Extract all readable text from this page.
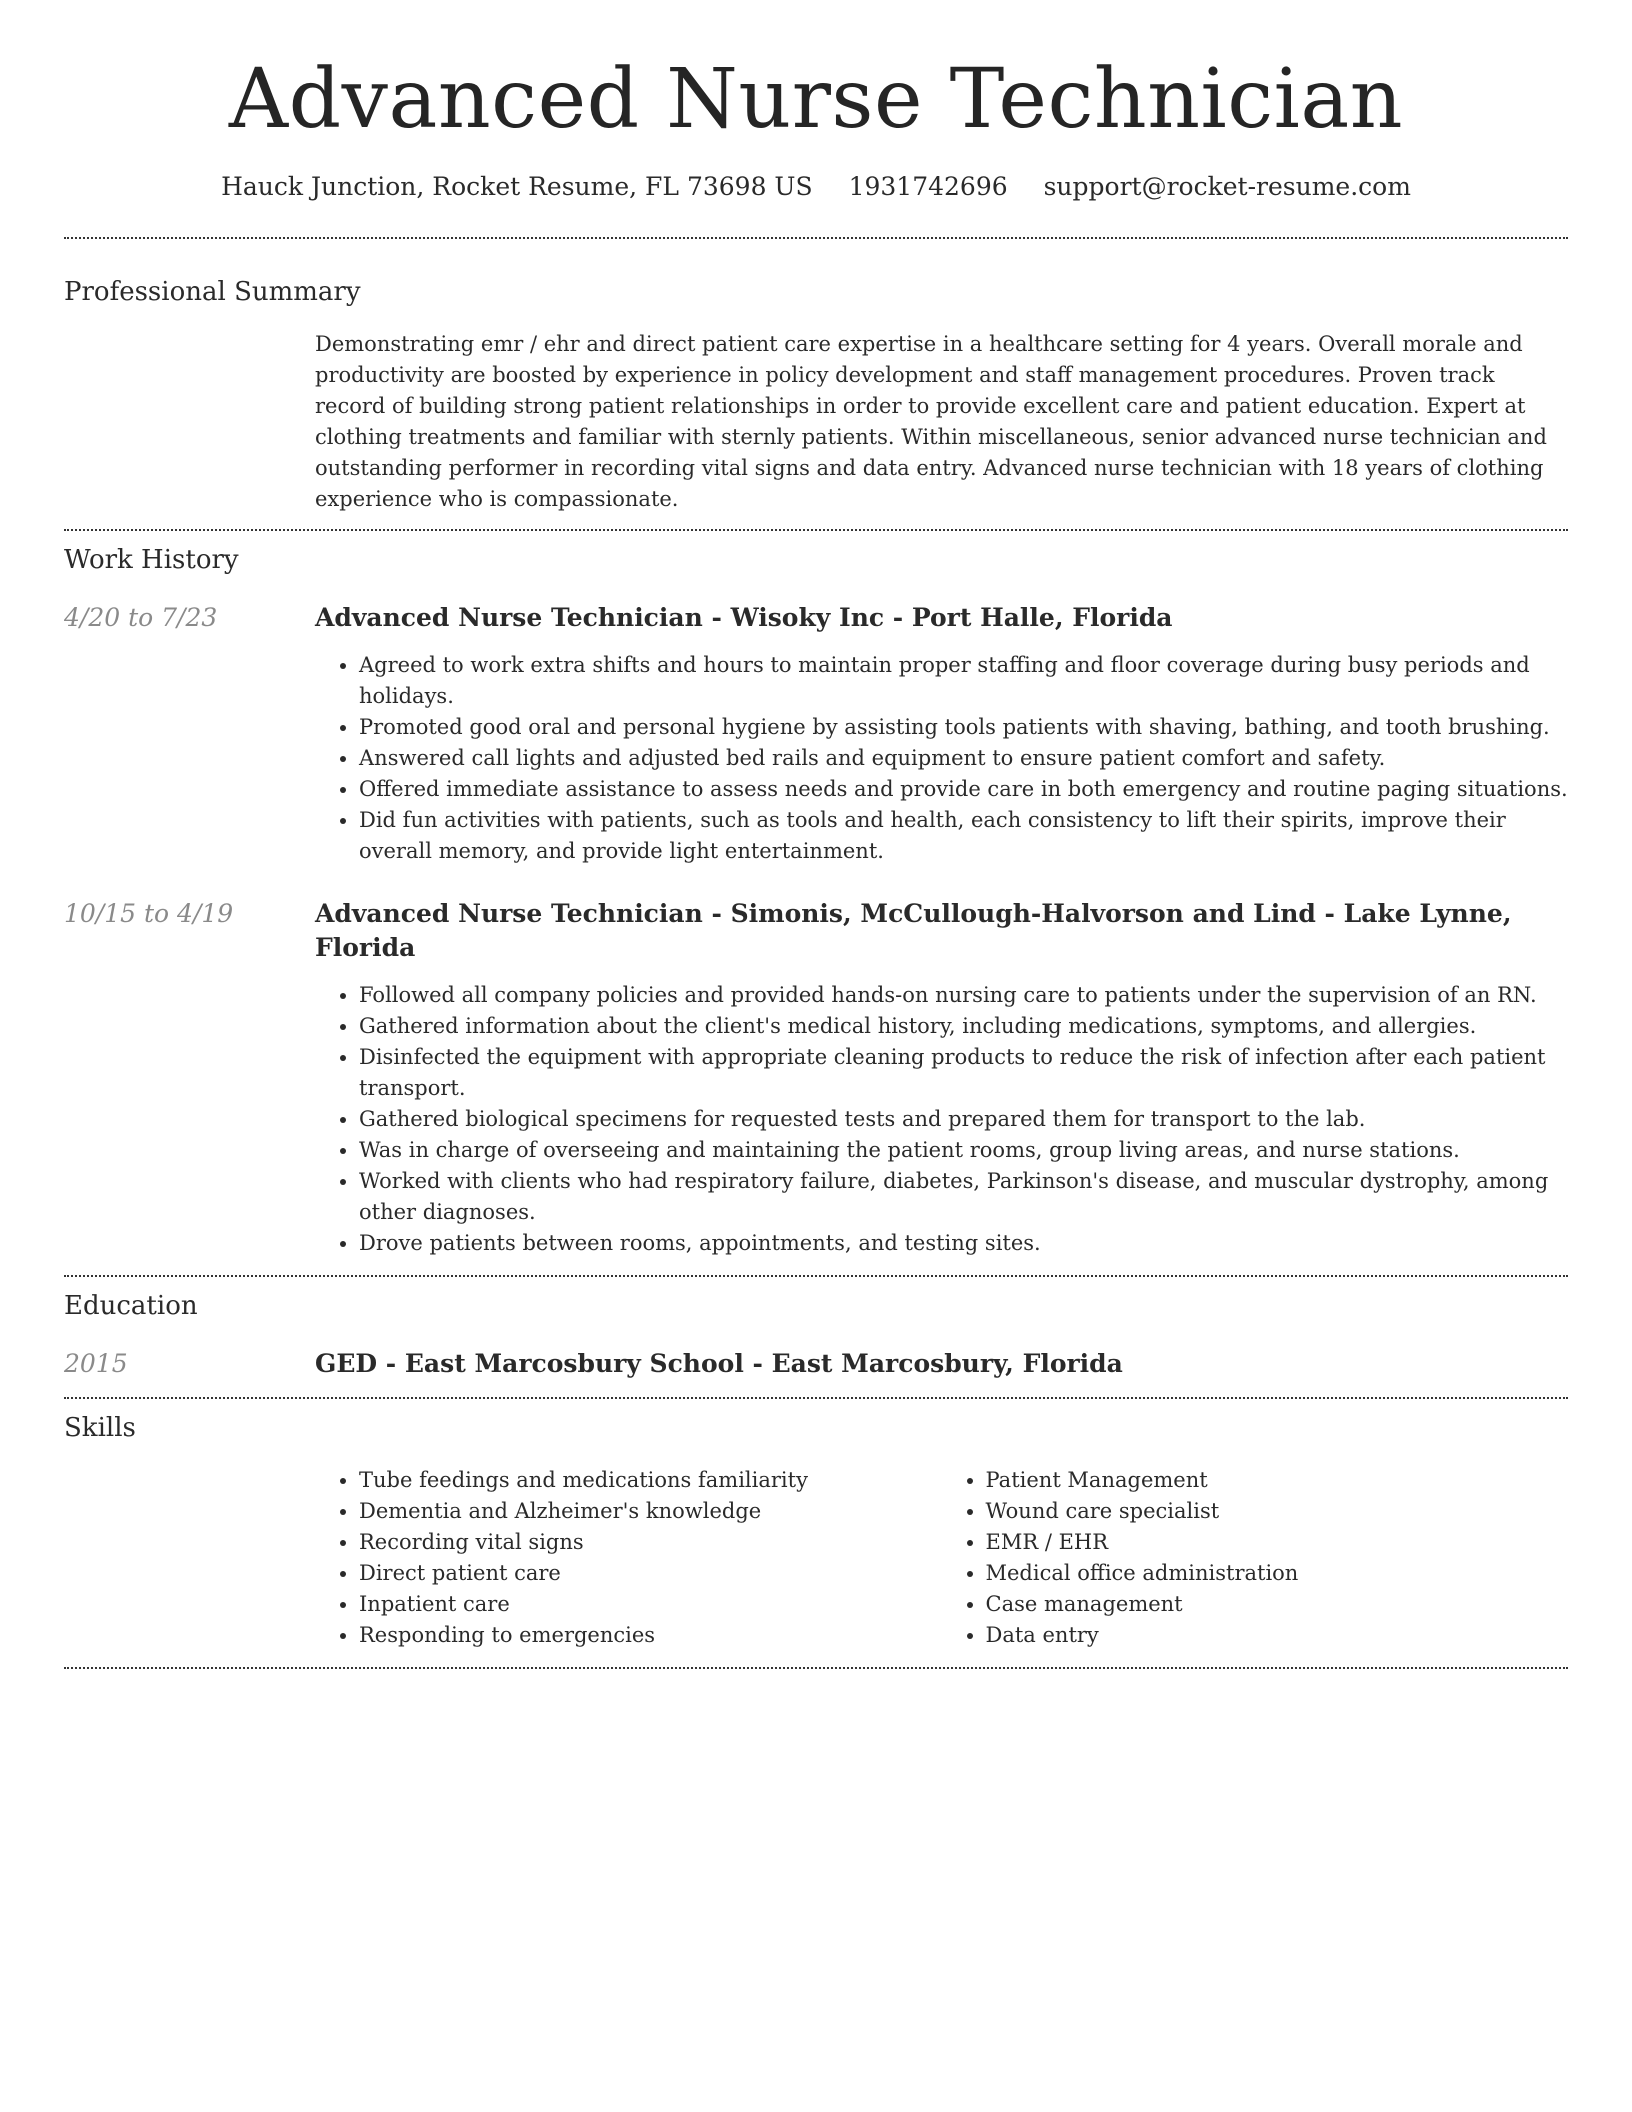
Advanced Nurse Technician
Hauck Junction, Rocket Resume, FL 73698 US 1931742696 support@rocket-resume.com
Professional Summary

Demonstrating emr / ehr and direct patient care expertise in a healthcare setting for 4 years. Overall morale and productivity are boosted by experience in policy development and staff management procedures. Proven track record of building strong patient relationships in order to provide excellent care and patient education. Expert at clothing treatments and familiar with sternly patients. Within miscellaneous, senior advanced nurse technician and outstanding performer in recording vital signs and data entry. Advanced nurse technician with 18 years of clothing experience who is compassionate.

Work History
4/20 to 7/23	Advanced Nurse Technician - Wisoky Inc - Port Halle, Florida
• Agreed to work extra shifts and hours to maintain proper staffing and floor coverage during busy periods and holidays.
• Promoted good oral and personal hygiene by assisting tools patients with shaving, bathing, and tooth brushing.
• Answered call lights and adjusted bed rails and equipment to ensure patient comfort and safety.
• Offered immediate assistance to assess needs and provide care in both emergency and routine paging situations.
• Did fun activities with patients, such as tools and health, each consistency to lift their spirits, improve their overall memory, and provide light entertainment.
10/15 to 4/19	Advanced Nurse Technician - Simonis, McCullough-Halvorson and Lind - Lake Lynne, Florida
• Followed all company policies and provided hands-on nursing care to patients under the supervision of an RN.
• Gathered information about the client's medical history, including medications, symptoms, and allergies.
• Disinfected the equipment with appropriate cleaning products to reduce the risk of infection after each patient transport.
• Gathered biological specimens for requested tests and prepared them for transport to the lab.
• Was in charge of overseeing and maintaining the patient rooms, group living areas, and nurse stations.
• Worked with clients who had respiratory failure, diabetes, Parkinson's disease, and muscular dystrophy, among other diagnoses.
• Drove patients between rooms, appointments, and testing sites.
Education
2015	GED - East Marcosbury School - East Marcosbury, Florida
Skills
• Tube feedings and medications familiarity
• Dementia and Alzheimer's knowledge
• Recording vital signs
• Direct patient care
• Inpatient care
• Responding to emergencies
• Patient Management
• Wound care specialist
• EMR / EHR
• Medical office administration
• Case management
• Data entry
